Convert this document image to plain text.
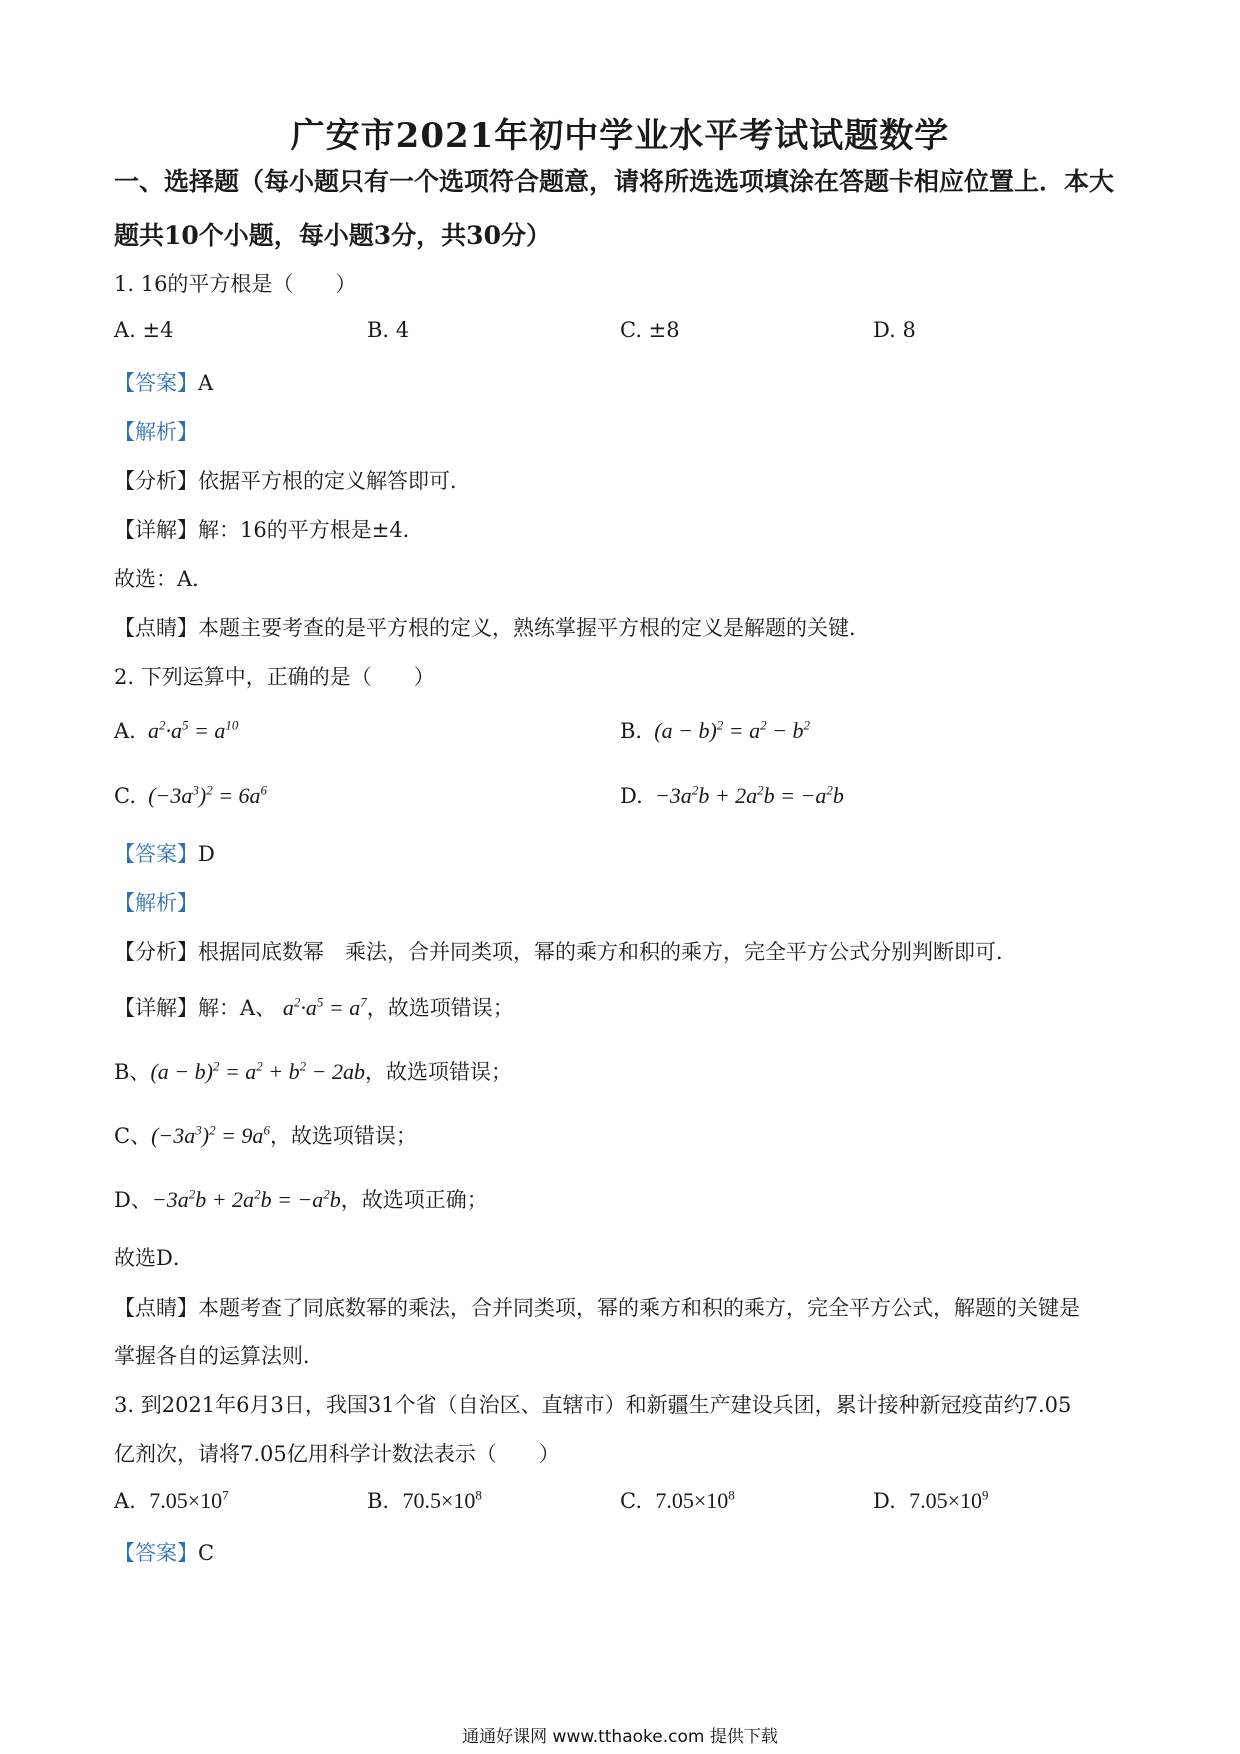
广安市2021年初中学业水平考试试题数学
一、选择题（每小题只有一个选项符合题意，请将所选选项填涂在答题卡相应位置上．本大
题共10个小题，每小题3分，共30分）
1. 16的平方根是（　　）
A. ±4	B. 4	C. ±8	D. 8
【答案】A
【解析】
【分析】依据平方根的定义解答即可．
【详解】解：16的平方根是±4．
故选：A．
【点睛】本题主要考查的是平方根的定义，熟练掌握平方根的定义是解题的关键．
2. 下列运算中，正确的是（　　）
A.  $a^2\cdot a^5 = a^{10}$	B.  $(a - b)^2 = a^2 - b^2$
C.  $(-3a^3)^2 = 6a^6$	D.  $-3a^2b + 2a^2b = -a^2b$
【答案】D
【解析】
【分析】根据同底数幂　乘法，合并同类项，幂的乘方和积的乘方，完全平方公式分别判断即可．
【详解】解：A、 $a^2\cdot a^5 = a^7$，故选项错误；
B、$(a - b)^2 = a^2 + b^2 - 2ab$，故选项错误；
C、$(-3a^3)^2 = 9a^6$，故选项错误；
D、$-3a^2b + 2a^2b = -a^2b$，故选项正确；
故选D．
【点睛】本题考查了同底数幂的乘法，合并同类项，幂的乘方和积的乘方，完全平方公式，解题的关键是
掌握各自的运算法则．
3. 到2021年6月3日，我国31个省（自治区、直辖市）和新疆生产建设兵团，累计接种新冠疫苗约7.05
亿剂次，请将7.05亿用科学计数法表示（　　）
A. $7.05\times 10^7$	B. $70.5\times 10^8$	C. $7.05\times 10^8$	D. $7.05\times 10^9$
【答案】C
通通好课网 www.tthaoke.com 提供下载
